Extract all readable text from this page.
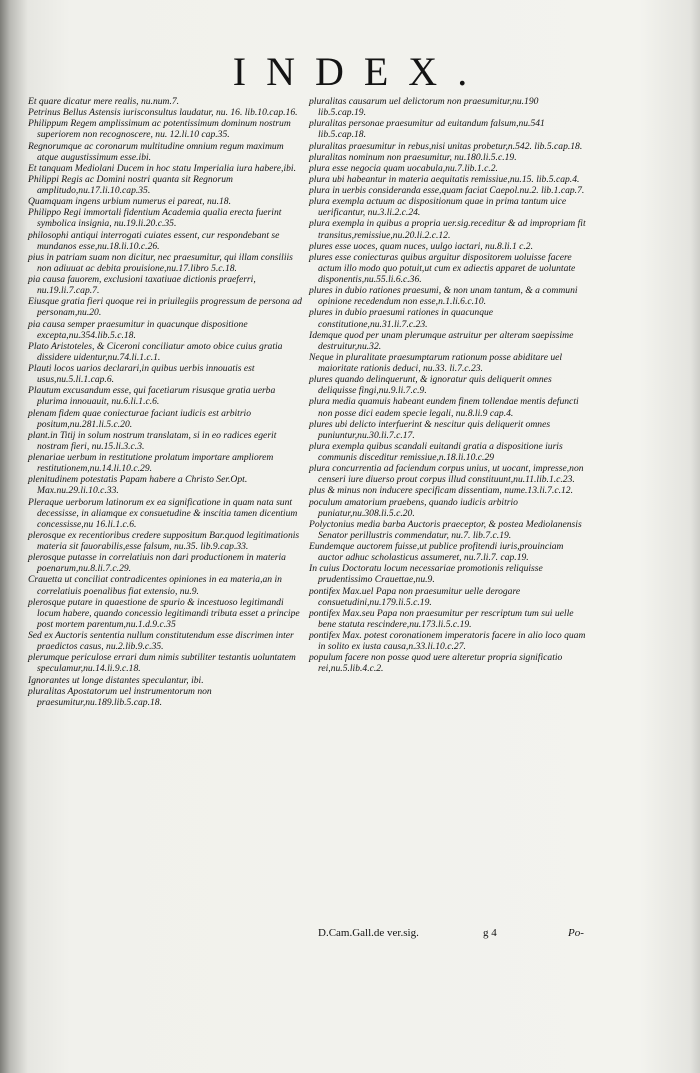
INDEX.

Et quare dicatur mere realis, nu.num.7.

Petrinus Bellus Astensis iurisconsultus laudatur, nu. 16. lib.10.cap.16.

Philippum Regem amplissimum ac potentissimum dominum nostrum superiorem non recognoscere, nu. 12.li.10 cap.35.

Regnorumque ac coronarum multitudine omnium regum maximum atque augustissimum esse.ibi.

Et tanquam Mediolani Ducem in hoc statu Imperialia iura habere,ibi.

Philippi Regis ac Domini nostri quanta sit Regnorum amplitudo,nu.17.li.10.cap.35.

Quamquam ingens urbium numerus ei pareat, nu.18.

Philippo Regi immortali fidentium Academia qualia erecta fuerint symbolica insignia, nu.19.li.20.c.35.

philosophi antiqui interrogati cuiates essent, cur respondebant se mundanos esse,nu.18.li.10.c.26.

pius in patriam suam non dicitur, nec praesumitur, qui illam consiliis non adiuuat ac debita prouisione,nu.17.libro 5.c.18.

pia causa fauorem, exclusioni taxatiuae dictionis praeferri, nu.19.li.7.cap.7.

Eiusque gratia fieri quoque rei in priuilegiis progressum de persona ad personam,nu.20.

pia causa semper praesumitur in quacunque dispositione excepta,nu.354.lib.5.c.18.

Plato Aristoteles, & Ciceroni conciliatur amoto obice cuius gratia dissidere uidentur,nu.74.li.1.c.1.

Plauti locos uarios declarari,in quibus uerbis innouatis est usus,nu.5.li.1.cap.6.

Plautum excusandum esse, qui facetiarum risusque gratia uerba plurima innouauit, nu.6.li.1.c.6.

plenam fidem quae coniecturae faciant iudicis est arbitrio positum,nu.281.li.5.c.20.

plant.in Titij in solum nostrum translatam, si in eo radices egerit nostram fieri, nu.15.li.3.c.3.

plenariae uerbum in restitutione prolatum importare ampliorem restitutionem,nu.14.li.10.c.29.

plenitudinem potestatis Papam habere a Christo Ser.Opt. Max.nu.29.li.10.c.33.

Pleraque uerborum latinorum ex ea significatione in quam nata sunt decessisse, in aliamque ex consuetudine & inscitia tamen dicentium concessisse,nu 16.li.1.c.6.

plerosque ex recentioribus credere suppositum Bar.quod legitimationis materia sit fauorabilis,esse falsum, nu.35. lib.9.cap.33.

plerosque putasse in correlatiuis non dari productionem in materia poenarum,nu.8.li.7.c.29.

Crauetta ut conciliat contradicentes opiniones in ea materia,an in correlatiuis poenalibus fiat extensio, nu.9.

plerosque putare in quaestione de spurio & incestuoso legitimandi locum habere, quando concessio legitimandi tributa esset a principe post mortem parentum,nu.1.d.9.c.35

Sed ex Auctoris sententia nullum constitutendum esse discrimen inter praedictos casus, nu.2.lib.9.c.35.

plerumque periculose errari dum nimis subtiliter testantis uoluntatem speculamur,nu.14.li.9.c.18.

Ignorantes ut longe distantes speculantur, ibi.

pluralitas Apostatorum uel instrumentorum non praesumitur,nu.189.lib.5.cap.18.

pluralitas causarum uel delictorum non praesumitur,nu.190 lib.5.cap.19.

pluralitas personae praesumitur ad euitandum falsum,nu.541 lib.5.cap.18.

pluralitas praesumitur in rebus,nisi unitas probetur,n.542. lib.5.cap.18.

pluralitas nominum non praesumitur, nu.180.li.5.c.19.

plura esse negocia quam uocabula,nu.7.lib.1.c.2.

plura ubi habeantur in materia aequitatis remissiue,nu.15. lib.5.cap.4.

plura in uerbis consideranda esse,quam faciat Caepol.nu.2. lib.1.cap.7.

plura exempla actuum ac dispositionum quae in prima tantum uice uerificantur, nu.3.li.2.c.24.

plura exempla in quibus a propria uer.sig.receditur & ad impropriam fit transitus,remissiue,nu.20.li.2.c.12.

plures esse uoces, quam nuces, uulgo iactari, nu.8.li.1 c.2.

plures esse coniecturas quibus arguitur dispositorem uoluisse facere actum illo modo quo potuit,ut cum ex adiectis apparet de uoluntate disponentis,nu.55.li.6.c.36.

plures in dubio rationes praesumi, & non unam tantum, & a communi opinione recedendum non esse,n.1.li.6.c.10.

plures in dubio praesumi rationes in quacunque constitutione,nu.31.li.7.c.23.

Idemque quod per unam plerumque astruitur per alteram saepissime destruitur,nu.32.

Neque in pluralitate praesumptarum rationum posse abiditare uel maioritate rationis deduci, nu.33. li.7.c.23.

plures quando delinquerunt, & ignoratur quis deliquerit omnes deliquisse fingi,nu.9.li.7.c.9.

plura media quamuis habeant eundem finem tollendae mentis defuncti non posse dici eadem specie legali, nu.8.li.9 cap.4.

plures ubi delicto interfuerint & nescitur quis deliquerit omnes puniuntur,nu.30.li.7.c.17.

plura exempla quibus scandali euitandi gratia a dispositione iuris communis disceditur remissiue,n.18.li.10.c.29

plura concurrentia ad faciendum corpus unius, ut uocant, impresse,non censeri iure diuerso prout corpus illud constituunt,nu.11.lib.1.c.23.

plus & minus non inducere specificam dissentiam, nume.13.li.7.c.12.

poculum amatorium praebens, quando iudicis arbitrio puniatur,nu.308.li.5.c.20.

Polyctonius media barba Auctoris praeceptor, & postea Mediolanensis Senator perillustris commendatur, nu.7. lib.7.c.19.

Eundemque auctorem fuisse,ut publice profitendi iuris,prouinciam auctor adhuc scholasticus assumeret, nu.7.li.7. cap.19.

In cuius Doctoratu locum necessariae promotionis reliquisse prudentissimo Crauettae,nu.9.

pontifex Max.uel Papa non praesumitur uelle derogare consuetudini,nu.179.li.5.c.19.

pontifex Max.seu Papa non praesumitur per rescriptum tum sui uelle bene statuta rescindere,nu.173.li.5.c.19.

pontifex Max. potest coronationem imperatoris facere in alio loco quam in solito ex iusta causa,n.33.li.10.c.27.

populum facere non posse quod uere alteretur propria significatio rei,nu.5.lib.4.c.2.

D.Cam.Gall.de ver.sig.	g 4	Po-
